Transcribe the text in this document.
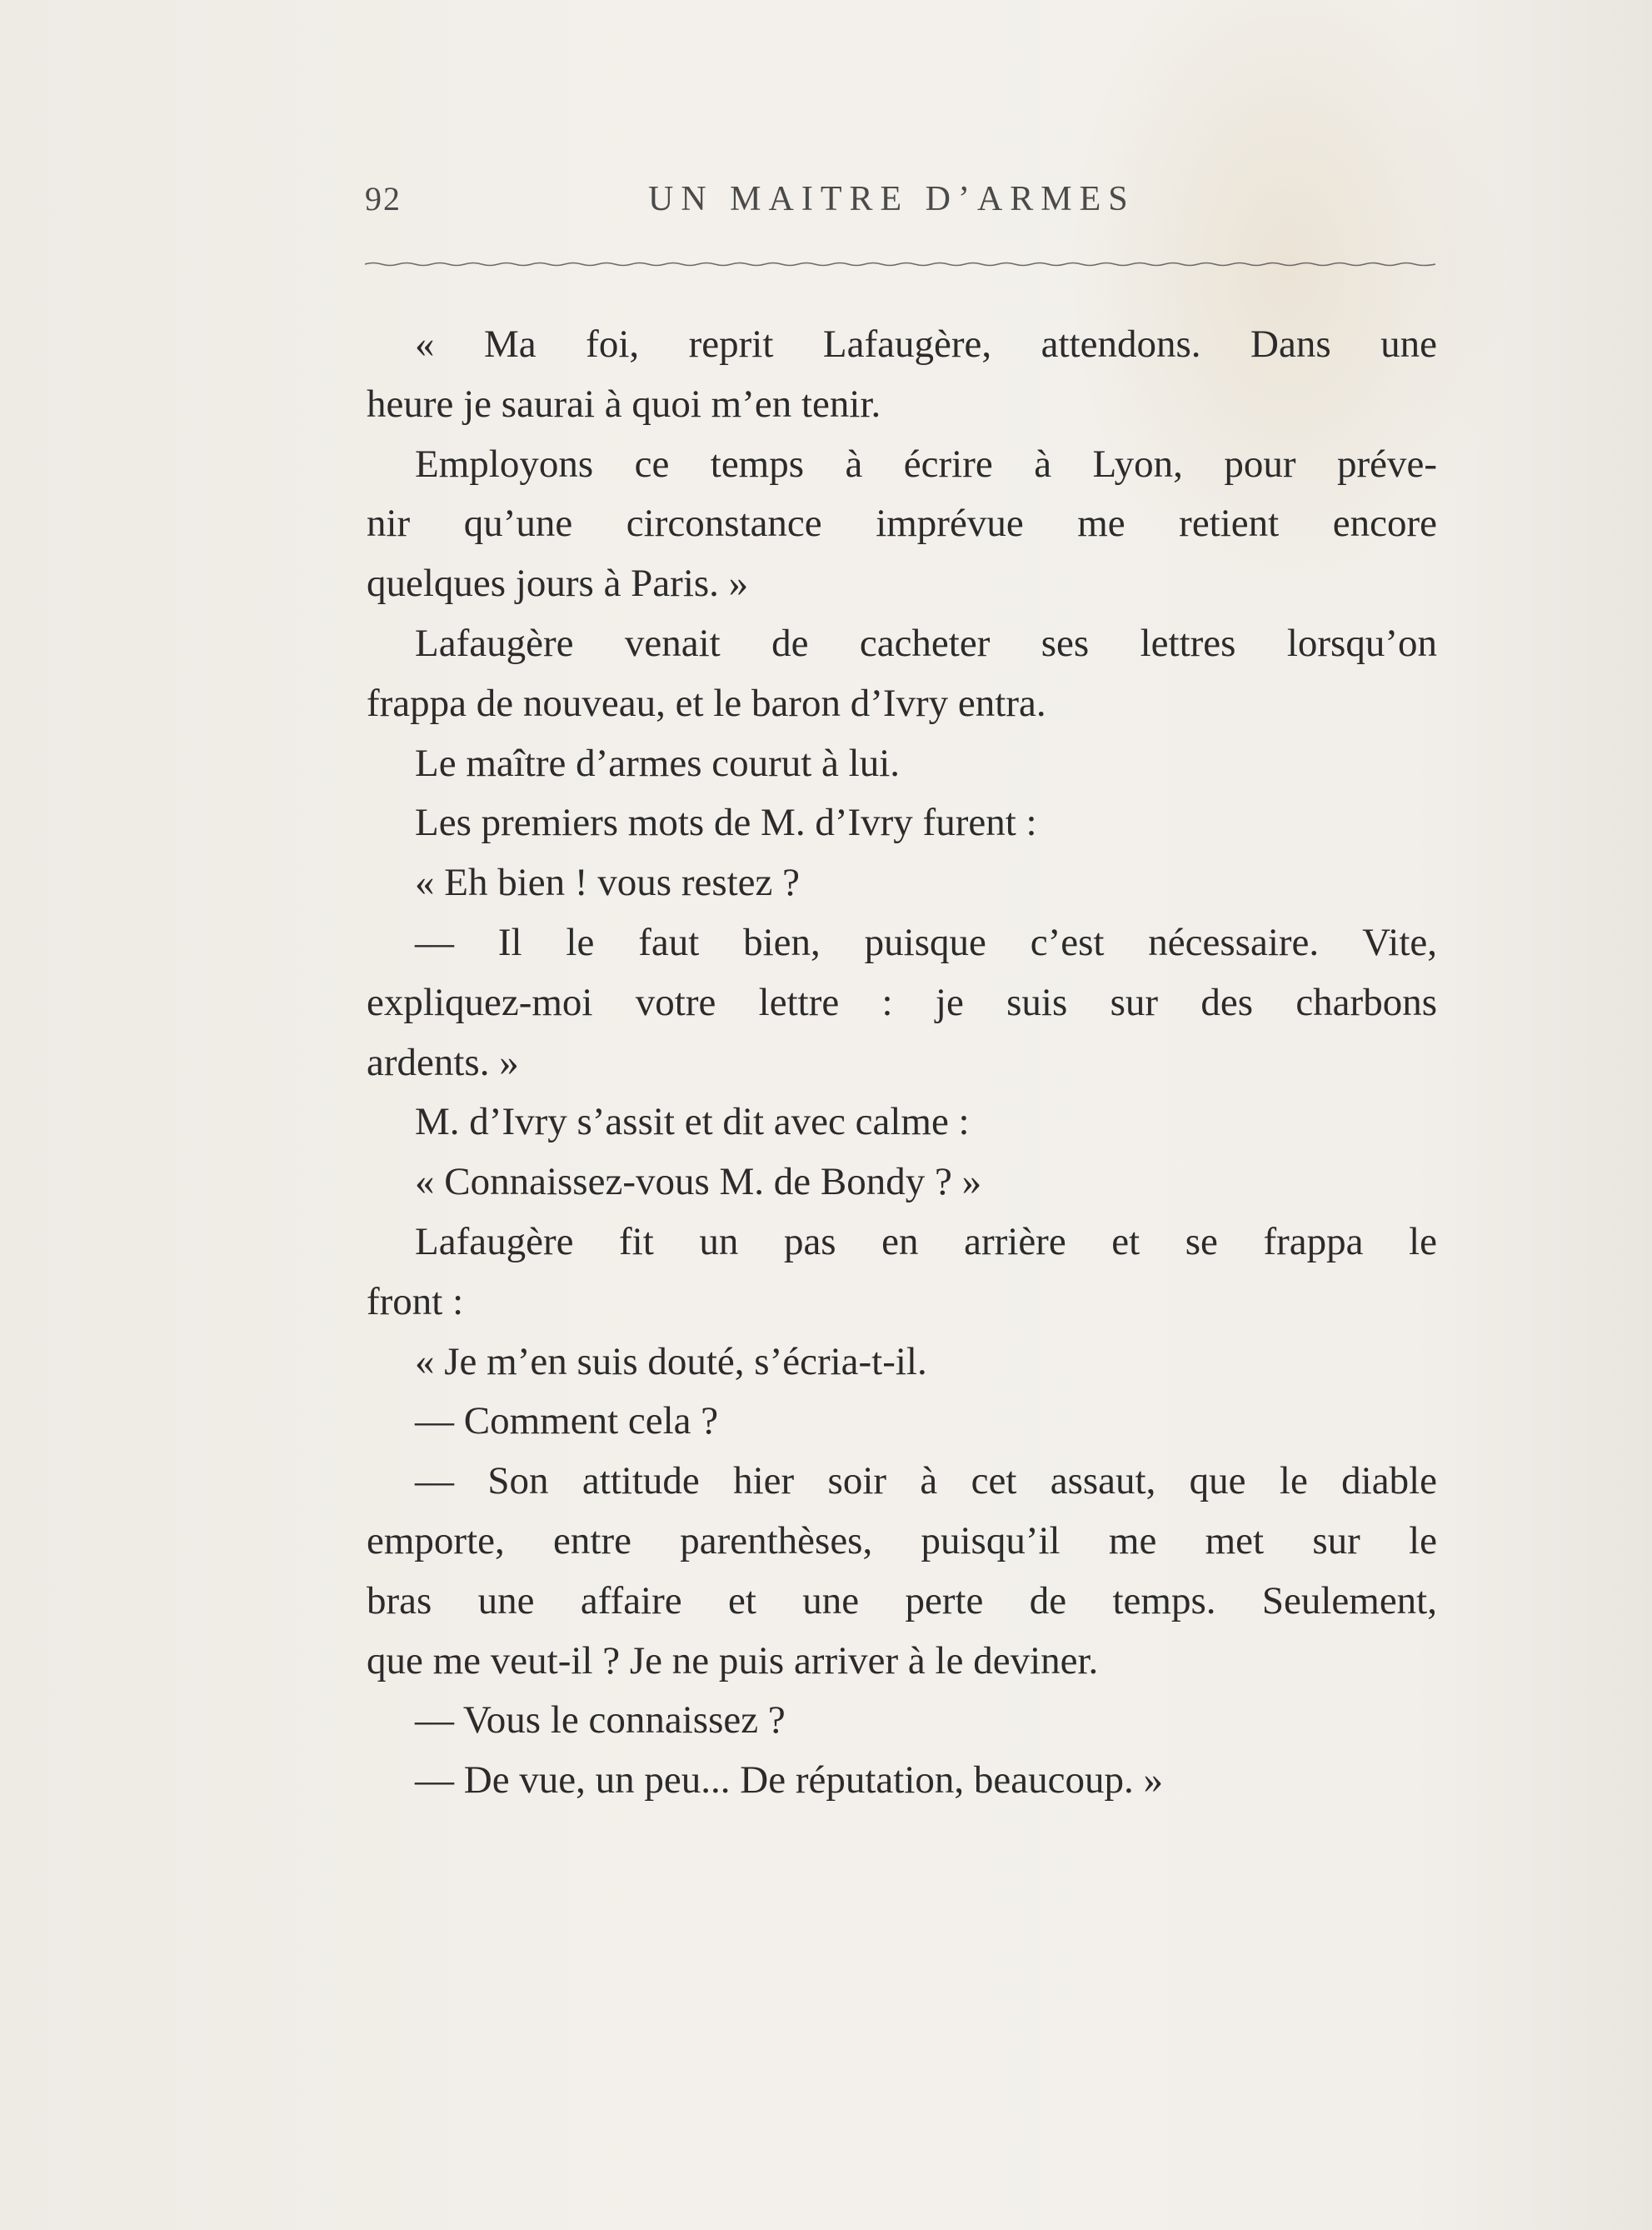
92	UN MAITRE D’ARMES
« Ma foi, reprit Lafaugère, attendons. Dans une
heure je saurai à quoi m’en tenir.
Employons ce temps à écrire à Lyon, pour préve-
nir qu’une circonstance imprévue me retient encore
quelques jours à Paris. »
Lafaugère venait de cacheter ses lettres lorsqu’on
frappa de nouveau, et le baron d’Ivry entra.
Le maître d’armes courut à lui.
Les premiers mots de M. d’Ivry furent :
« Eh bien ! vous restez ?
— Il le faut bien, puisque c’est nécessaire. Vite,
expliquez-moi votre lettre : je suis sur des charbons
ardents. »
M. d’Ivry s’assit et dit avec calme :
« Connaissez-vous M. de Bondy ? »
Lafaugère fit un pas en arrière et se frappa le
front :
« Je m’en suis douté, s’écria-t-il.
— Comment cela ?
— Son attitude hier soir à cet assaut, que le diable
emporte, entre parenthèses, puisqu’il me met sur le
bras une affaire et une perte de temps. Seulement,
que me veut-il ? Je ne puis arriver à le deviner.
— Vous le connaissez ?
— De vue, un peu... De réputation, beaucoup. »
